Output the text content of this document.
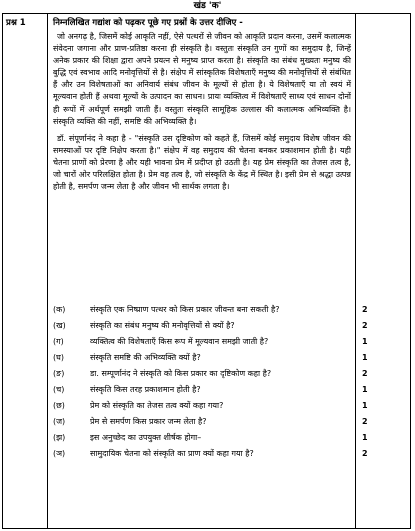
खंड 'क'
प्रश्न 1	निम्नलिखित गद्यांश को पढ़कर पूछे गए प्रश्नों के उत्तर दीजिए -

जो अनगढ़ है, जिसमें कोई आकृति नहीं, ऐसे पत्थरों से जीवन को आकृति प्रदान करना, उसमें कलात्मक संवेदना जगाना और प्राण-प्रतिष्ठा करना ही संस्कृति है। वस्तुतः संस्कृति उन गुणों का समुदाय है, जिन्हें अनेक प्रकार की शिक्षा द्वारा अपने प्रयत्न से मनुष्य प्राप्त करता है। संस्कृति का संबंध मुख्यतः मनुष्य की बुद्धि एवं स्वभाव आदि मनोवृत्तियों से है। संक्षेप में सांस्कृतिक विशेषताएँ मनुष्य की मनोवृत्तियों से संबंधित हैं और उन विशेषताओं का अनिवार्य संबंध जीवन के मूल्यों से होता है। ये विशेषताएँ या तो स्वयं में मूल्यवान होती हैं अथवा मूल्यों के उत्पादन का साधन। प्रायः व्यक्तित्व में विशेषताएँ साध्य एवं साधन दोनों ही रूपों में अर्थपूर्ण समझी जाती हैं। वस्तुतः संस्कृति सामूहिक उल्लास की कलात्मक अभिव्यक्ति है। संस्कृति व्यक्ति की नहीं, समष्टि की अभिव्यक्ति है।

डॉ. संपूर्णानंद ने कहा है - "संस्कृति उस दृष्टिकोण को कहते हैं, जिसमें कोई समुदाय विशेष जीवन की समस्याओं पर दृष्टि निक्षेप करता है।" संक्षेप में वह समुदाय की चेतना बनकर प्रकाशमान होती है। यही चेतना प्राणों को प्रेरणा है और यही भावना प्रेम में प्रदीप्त हो उठती है। यह प्रेम संस्कृति का तेजस तत्व है, जो चारों ओर परिलक्षित होता है। प्रेम वह तत्व है, जो संस्कृति के केंद्र में स्थित है। इसी प्रेम से श्रद्धा उत्पन्न होती है, समर्पण जन्म लेता है और जीवन भी सार्थक लगता है।

(क)	संस्कृति एक निष्प्राण पत्थर को किस प्रकार जीवन्त बना सकती है?	2
(ख)	संस्कृति का संबंध मनुष्य की मनोवृत्तियों से क्यों है?	2
(ग)	व्यक्तित्व की विशेषताएँ किस रूप में मूल्यवान समझी जाती है?	1
(घ)	संस्कृति समष्टि की अभिव्यक्ति क्यों है?	1
(ङ)	डा. सम्पूर्णानंद ने संस्कृति को किस प्रकार का दृष्टिकोण कहा है?	2
(च)	संस्कृति किस तरह प्रकाशमान होती है?	1
(छ)	प्रेम को संस्कृति का तेजस तत्व क्यों कहा गया?	1
(ज)	प्रेम से समर्पण किस प्रकार जन्म लेता है?	2
(झ)	इस अनुच्छेद का उपयुक्त शीर्षक होगा–	1
(ञ)	सामुदायिक चेतना को संस्कृति का प्राण क्यों कहा गया है?	2
